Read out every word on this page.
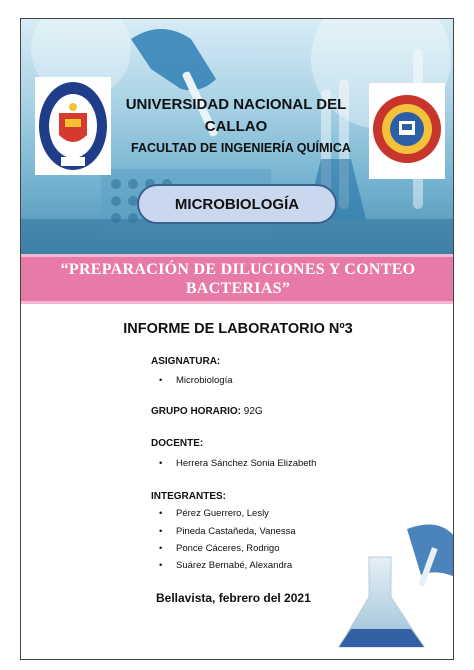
UNIVERSIDAD NACIONAL DEL CALLAO
FACULTAD DE INGENIERÍA QUÍMICA
MICROBIOLOGÍA
“PREPARACIÓN DE DILUCIONES Y CONTEO BACTERIAS”
INFORME DE LABORATORIO Nº3
ASIGNATURA:
• Microbiología
GRUPO HORARIO: 92G
DOCENTE:
• Herrera Sánchez Sonia Elizabeth
INTEGRANTES:
• Pérez Guerrero, Lesly
• Pineda Castañeda, Vanessa
• Ponce Cáceres, Rodrigo
• Suárez Bernabé, Alexandra
Bellavista, febrero del 2021
